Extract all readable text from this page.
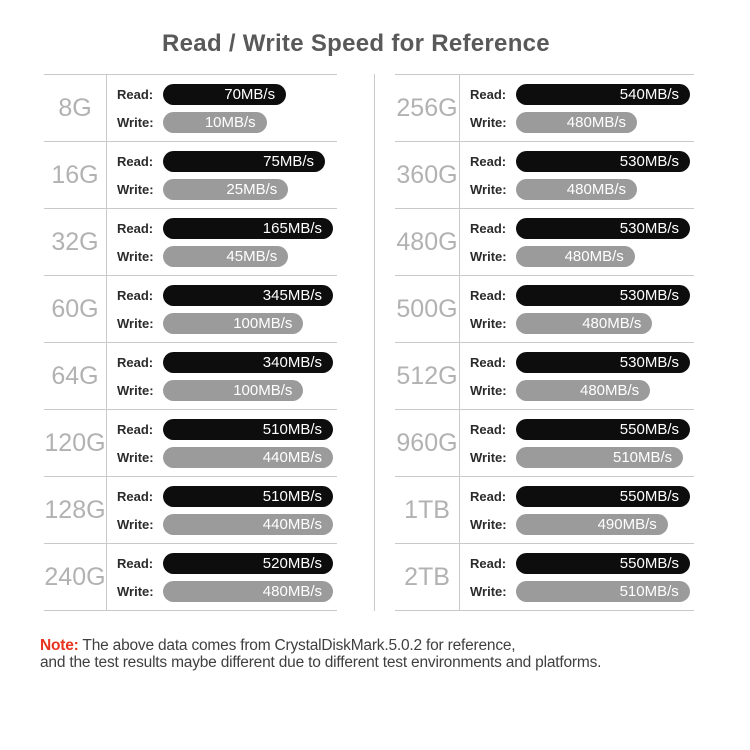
Read / Write Speed for Reference
8G	Read:	70MB/s
Write:	10MB/s
16G	Read:	75MB/s
Write:	25MB/s
32G	Read:	165MB/s
Write:	45MB/s
60G	Read:	345MB/s
Write:	100MB/s
64G	Read:	340MB/s
Write:	100MB/s
120G Read:	510MB/s
Write:	440MB/s
128G Read:	510MB/s
Write:	440MB/s
240G Read:	520MB/s
Write:	480MB/s
256G Read:	540MB/s
Write:	480MB/s
360G Read:	530MB/s
Write:	480MB/s
480G Read:	530MB/s
Write:	480MB/s
500G Read:	530MB/s
Write:	480MB/s
512G Read:	530MB/s
Write:	480MB/s
960G Read:	550MB/s
Write:	510MB/s
1TB	Read:	550MB/s
Write:	490MB/s
2TB	Read:	550MB/s
Write:	510MB/s
Note: The above data comes from CrystalDiskMark.5.0.2 for reference,
and the test results maybe different due to different test environments and platforms.
